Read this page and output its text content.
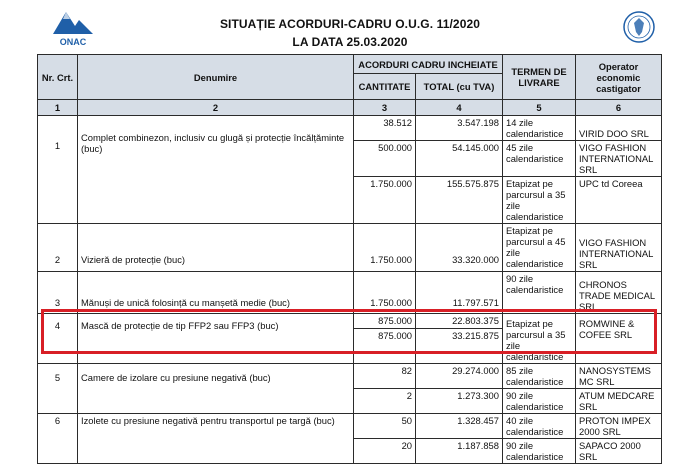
ONAC
SITUAȚIE ACORDURI-CADRU O.U.G. 11/2020
LA DATA 25.03.2020
Nr. Crt.	Denumire	ACORDURI CADRU INCHEIATE		TERMEN DE LIVRARE	Operator economic castigator
		CANTITATE	TOTAL (cu TVA)		
1	2	3	4	5	6
1	Complet combinezon, inclusiv cu glugă și protecție încălțăminte (buc)	38.512	3.547.198	14 zile calendaristice	VIRID DOO SRL
		500.000	54.145.000	45 zile calendaristice	VIGO FASHION INTERNATIONAL SRL
		1.750.000	155.575.875	Etapizat pe parcursul a 35 zile calendaristice	UPC td Coreea
2	Vizieră de protecție (buc)	1.750.000	33.320.000	Etapizat pe parcursul a 45 zile calendaristice	VIGO FASHION INTERNATIONAL SRL
3	Mănuși de unică folosință cu manșetă medie (buc)	1.750.000	11.797.571	90 zile calendaristice	CHRONOS TRADE MEDICAL SRL
4	Mască de protecție de tip FFP2 sau FFP3 (buc)	875.000	22.803.375	Etapizat pe parcursul a 35 zile calendaristice	ROMWINE & COFEE SRL
		875.000	33.215.875		
5	Camere de izolare cu presiune negativă (buc)	82	29.274.000	85 zile calendaristice	NANOSYSTEMS MC SRL
		2	1.273.300	90 zile calendaristice	ATUM MEDCARE SRL
6	Izolete cu presiune negativă pentru transportul pe targă (buc)	50	1.328.457	40 zile calendaristice	PROTON IMPEX 2000 SRL
		20	1.187.858	90 zile calendaristice	SAPACO 2000 SRL
